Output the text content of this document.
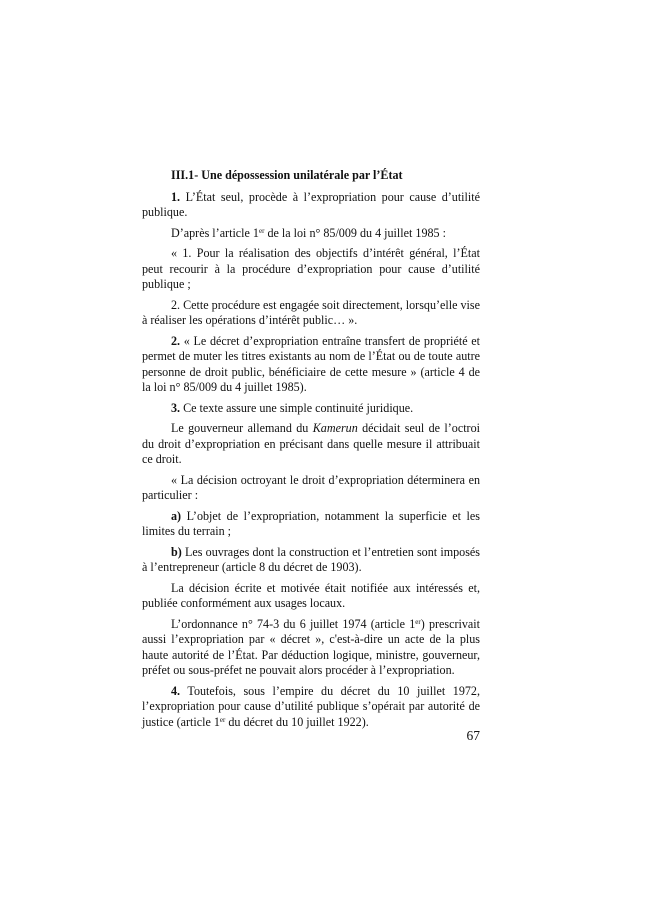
III.1- Une dépossession unilatérale par l’État

1. L’État seul, procède à l’expropriation pour cause d’utilité publique.

D’après l’article 1er de la loi n° 85/009 du 4 juillet 1985 :

« 1. Pour la réalisation des objectifs d’intérêt général, l’État peut recourir à la procédure d’expropriation pour cause d’utilité publique ;

2. Cette procédure est engagée soit directement, lorsqu’elle vise à réaliser les opérations d’intérêt public… ».

2. « Le décret d’expropriation entraîne transfert de propriété et permet de muter les titres existants au nom de l’État ou de toute autre personne de droit public, bénéficiaire de cette mesure » (article 4 de la loi n° 85/009 du 4 juillet 1985).

3. Ce texte assure une simple continuité juridique.

Le gouverneur allemand du Kamerun décidait seul de l’octroi du droit d’expropriation en précisant dans quelle mesure il attribuait ce droit.

« La décision octroyant le droit d’expropriation déterminera en particulier :

a) L’objet de l’expropriation, notamment la superficie et les limites du terrain ;

b) Les ouvrages dont la construction et l’entretien sont imposés à l’entrepreneur (article 8 du décret de 1903).

La décision écrite et motivée était notifiée aux intéressés et, publiée conformément aux usages locaux.

L’ordonnance n° 74-3 du 6 juillet 1974 (article 1er) prescrivait aussi l’expropriation par « décret », c'est-à-dire un acte de la plus haute autorité de l’État. Par déduction logique, ministre, gouverneur, préfet ou sous-préfet ne pouvait alors procéder à l’expropriation.

4. Toutefois, sous l’empire du décret du 10 juillet 1972, l’expropriation pour cause d’utilité publique s’opérait par autorité de justice (article 1er du décret du 10 juillet 1922).

67
